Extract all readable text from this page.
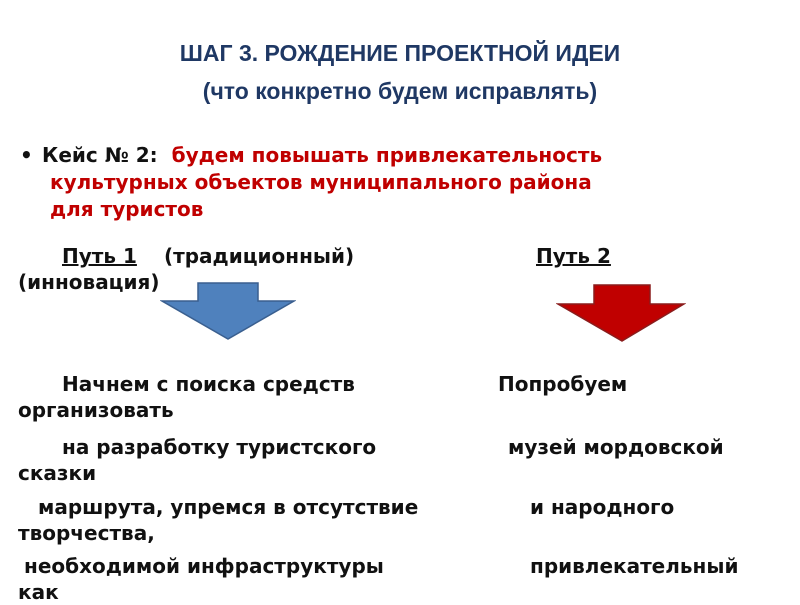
ШАГ 3. РОЖДЕНИЕ ПРОЕКТНОЙ ИДЕИ
(что конкретно будем исправлять)
• Кейс № 2: будем повышать привлекательность
культурных объектов муниципального района
для туристов
Путь 1 (традиционный)	Путь 2
(инновация)
Начнем с поиска средств	Попробуем
организовать
на разработку туристского	музей мордовской
сказки
маршрута, упремся в отсутствие	и народного
творчества,
необходимой инфраструктуры	привлекательный
как
